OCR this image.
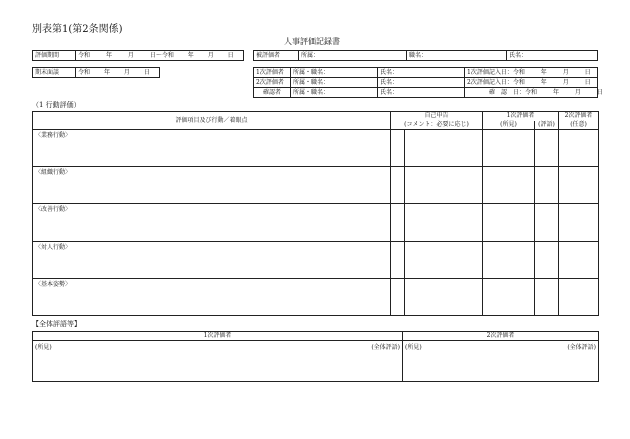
別表第1(第2条関係)
人事評価記録書
評価期間	令和	年	月	日～令和 年 月 日	被評価者	所属：	職名：	氏名：
期末面談	令和 年 月 日	1次評価者	所属・職名：	氏名：	1次評価記入日：令和 年 月 日
2次評価者	所属・職名：	氏名：	2次評価記入日：令和 年 月 日
確認者	所属・職名：	氏名：	確　認　日：令和 年 月 日
（1 行動評価）
評価項目及び行動／着眼点	自己申告		1次評価者		2次評価者
	(コメント：必要に応じ)		(所見)	(評語)	(任意)
〈業務行動〉					
〈組織行動〉					
〈改善行動〉					
〈対人行動〉					
〈基本姿勢〉					
【全体評語等】
1次評価者		2次評価者	
(所見)	(全体評語)	(所見)	(全体評語)
